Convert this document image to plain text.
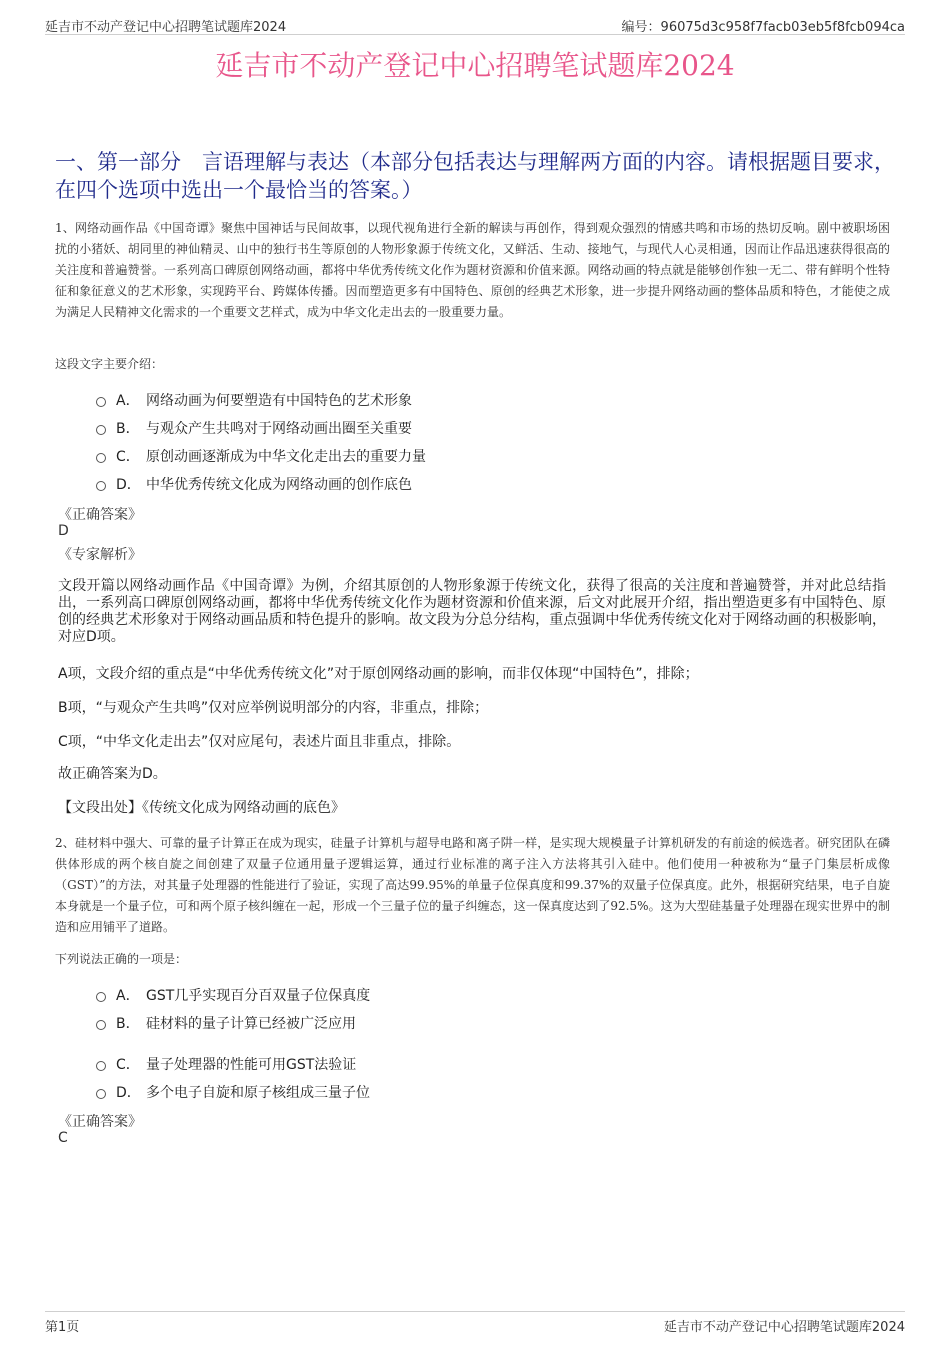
延吉市不动产登记中心招聘笔试题库2024	编号：96075d3c958f7facb03eb5f8fcb094ca
延吉市不动产登记中心招聘笔试题库2024
一、第一部分　言语理解与表达（本部分包括表达与理解两方面的内容。请根据题目要求，在四个选项中选出一个最恰当的答案。）
1、网络动画作品《中国奇谭》聚焦中国神话与民间故事，以现代视角进行全新的解读与再创作，得到观众强烈的情感共鸣和市场的热切反响。剧中被职场困扰的小猪妖、胡同里的神仙精灵、山中的独行书生等原创的人物形象源于传统文化，又鲜活、生动、接地气，与现代人心灵相通，因而让作品迅速获得很高的关注度和普遍赞誉。一系列高口碑原创网络动画，都将中华优秀传统文化作为题材资源和价值来源。网络动画的特点就是能够创作独一无二、带有鲜明个性特征和象征意义的艺术形象，实现跨平台、跨媒体传播。因而塑造更多有中国特色、原创的经典艺术形象，进一步提升网络动画的整体品质和特色，才能使之成为满足人民精神文化需求的一个重要文艺样式，成为中华文化走出去的一股重要力量。
这段文字主要介绍：
A． 网络动画为何要塑造有中国特色的艺术形象
B． 与观众产生共鸣对于网络动画出圈至关重要
C． 原创动画逐渐成为中华文化走出去的重要力量
D． 中华优秀传统文化成为网络动画的创作底色
《正确答案》
D
《专家解析》
文段开篇以网络动画作品《中国奇谭》为例，介绍其原创的人物形象源于传统文化，获得了很高的关注度和普遍赞誉，并对此总结指出，一系列高口碑原创网络动画，都将中华优秀传统文化作为题材资源和价值来源，后文对此展开介绍，指出塑造更多有中国特色、原创的经典艺术形象对于网络动画品质和特色提升的影响。故文段为分总分结构，重点强调中华优秀传统文化对于网络动画的积极影响，对应D项。
A项，文段介绍的重点是“中华优秀传统文化”对于原创网络动画的影响，而非仅体现“中国特色”，排除；
B项，“与观众产生共鸣”仅对应举例说明部分的内容，非重点，排除；
C项，“中华文化走出去”仅对应尾句，表述片面且非重点，排除。
故正确答案为D。
【文段出处】《传统文化成为网络动画的底色》
2、硅材料中强大、可靠的量子计算正在成为现实，硅量子计算机与超导电路和离子阱一样，是实现大规模量子计算机研发的有前途的候选者。研究团队在磷供体形成的两个核自旋之间创建了双量子位通用量子逻辑运算，通过行业标准的离子注入方法将其引入硅中。他们使用一种被称为“量子门集层析成像（GST）”的方法，对其量子处理器的性能进行了验证，实现了高达99.95%的单量子位保真度和99.37%的双量子位保真度。此外，根据研究结果，电子自旋本身就是一个量子位，可和两个原子核纠缠在一起，形成一个三量子位的量子纠缠态，这一保真度达到了92.5%。这为大型硅基量子处理器在现实世界中的制造和应用铺平了道路。
下列说法正确的一项是：
A． GST几乎实现百分百双量子位保真度
B． 硅材料的量子计算已经被广泛应用
C． 量子处理器的性能可用GST法验证
D． 多个电子自旋和原子核组成三量子位
《正确答案》
C
第1页	延吉市不动产登记中心招聘笔试题库2024
